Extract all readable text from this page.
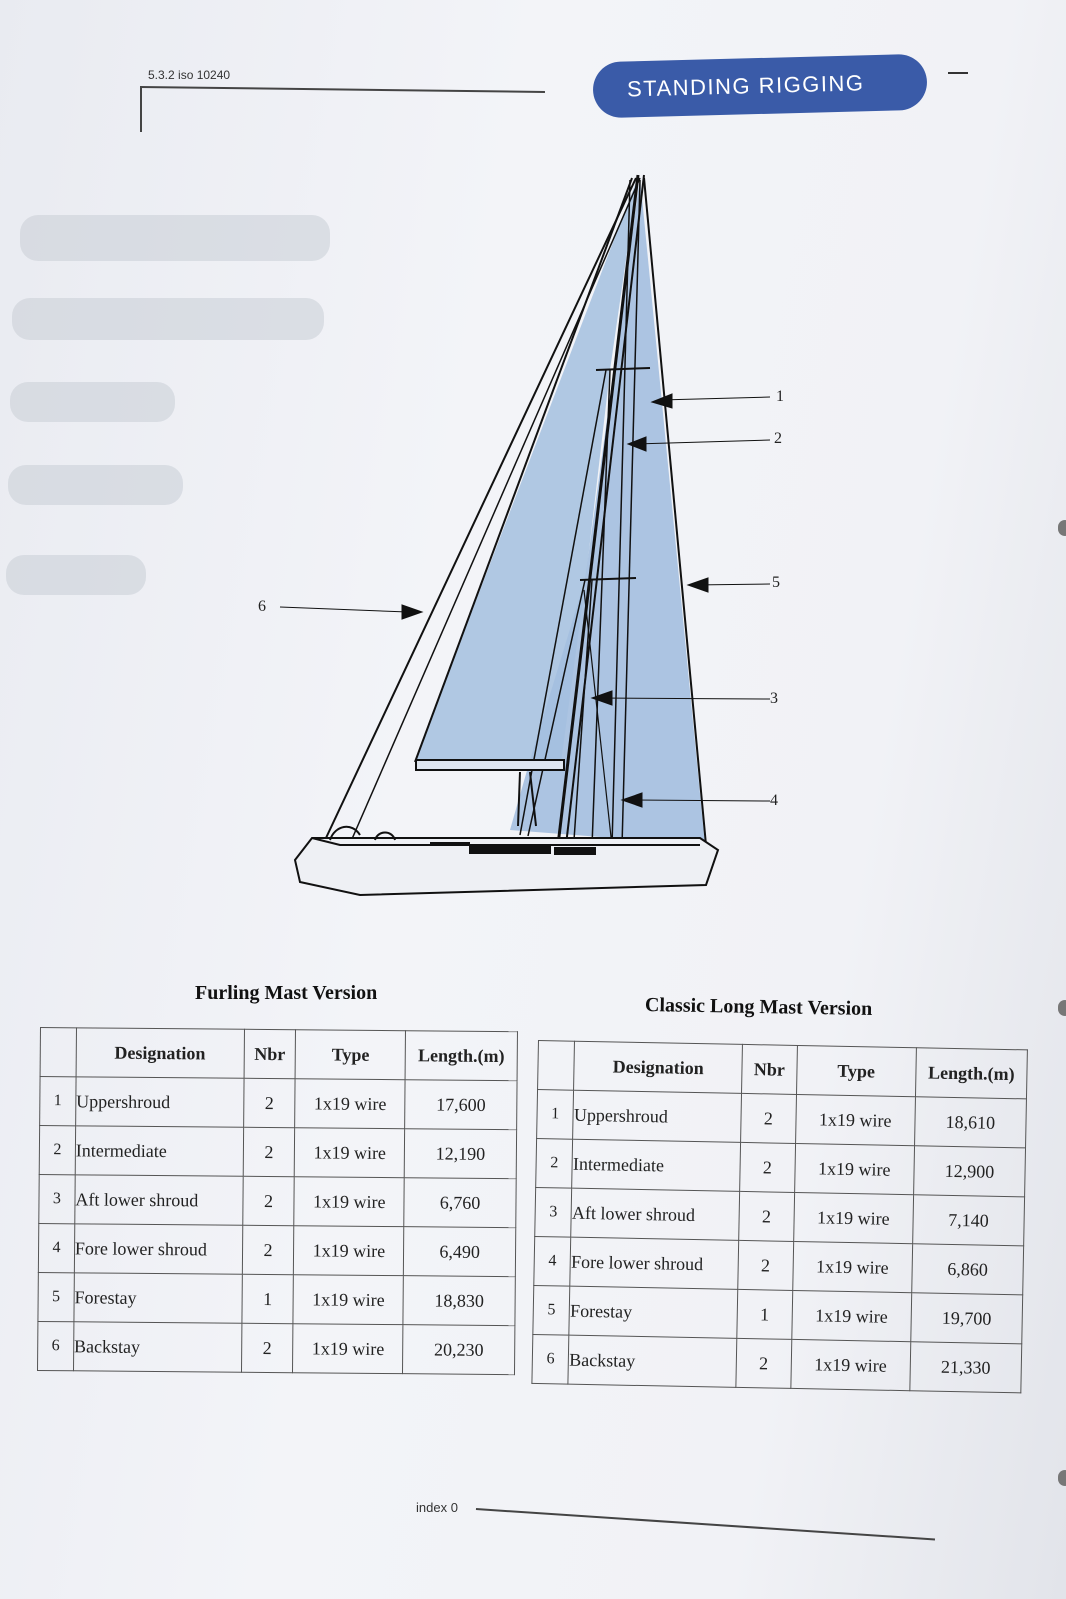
5.3.2 iso 10240	STANDING RIGGING
1
2
5
3
4
6
Furling Mast Version
Classic Long Mast Version
	Designation	Nbr	Type	Length.(m)
1	Uppershroud	2	1x19 wire	17,600
2	Intermediate	2	1x19 wire	12,190
3	Aft lower shroud	2	1x19 wire	6,760
4	Fore lower shroud	2	1x19 wire	6,490
5	Forestay	1	1x19 wire	18,830
6	Backstay	2	1x19 wire	20,230
	Designation	Nbr	Type	Length.(m)
1	Uppershroud	2	1x19 wire	18,610
2	Intermediate	2	1x19 wire	12,900
3	Aft lower shroud	2	1x19 wire	7,140
4	Fore lower shroud	2	1x19 wire	6,860
5	Forestay	1	1x19 wire	19,700
6	Backstay	2	1x19 wire	21,330
index 0
